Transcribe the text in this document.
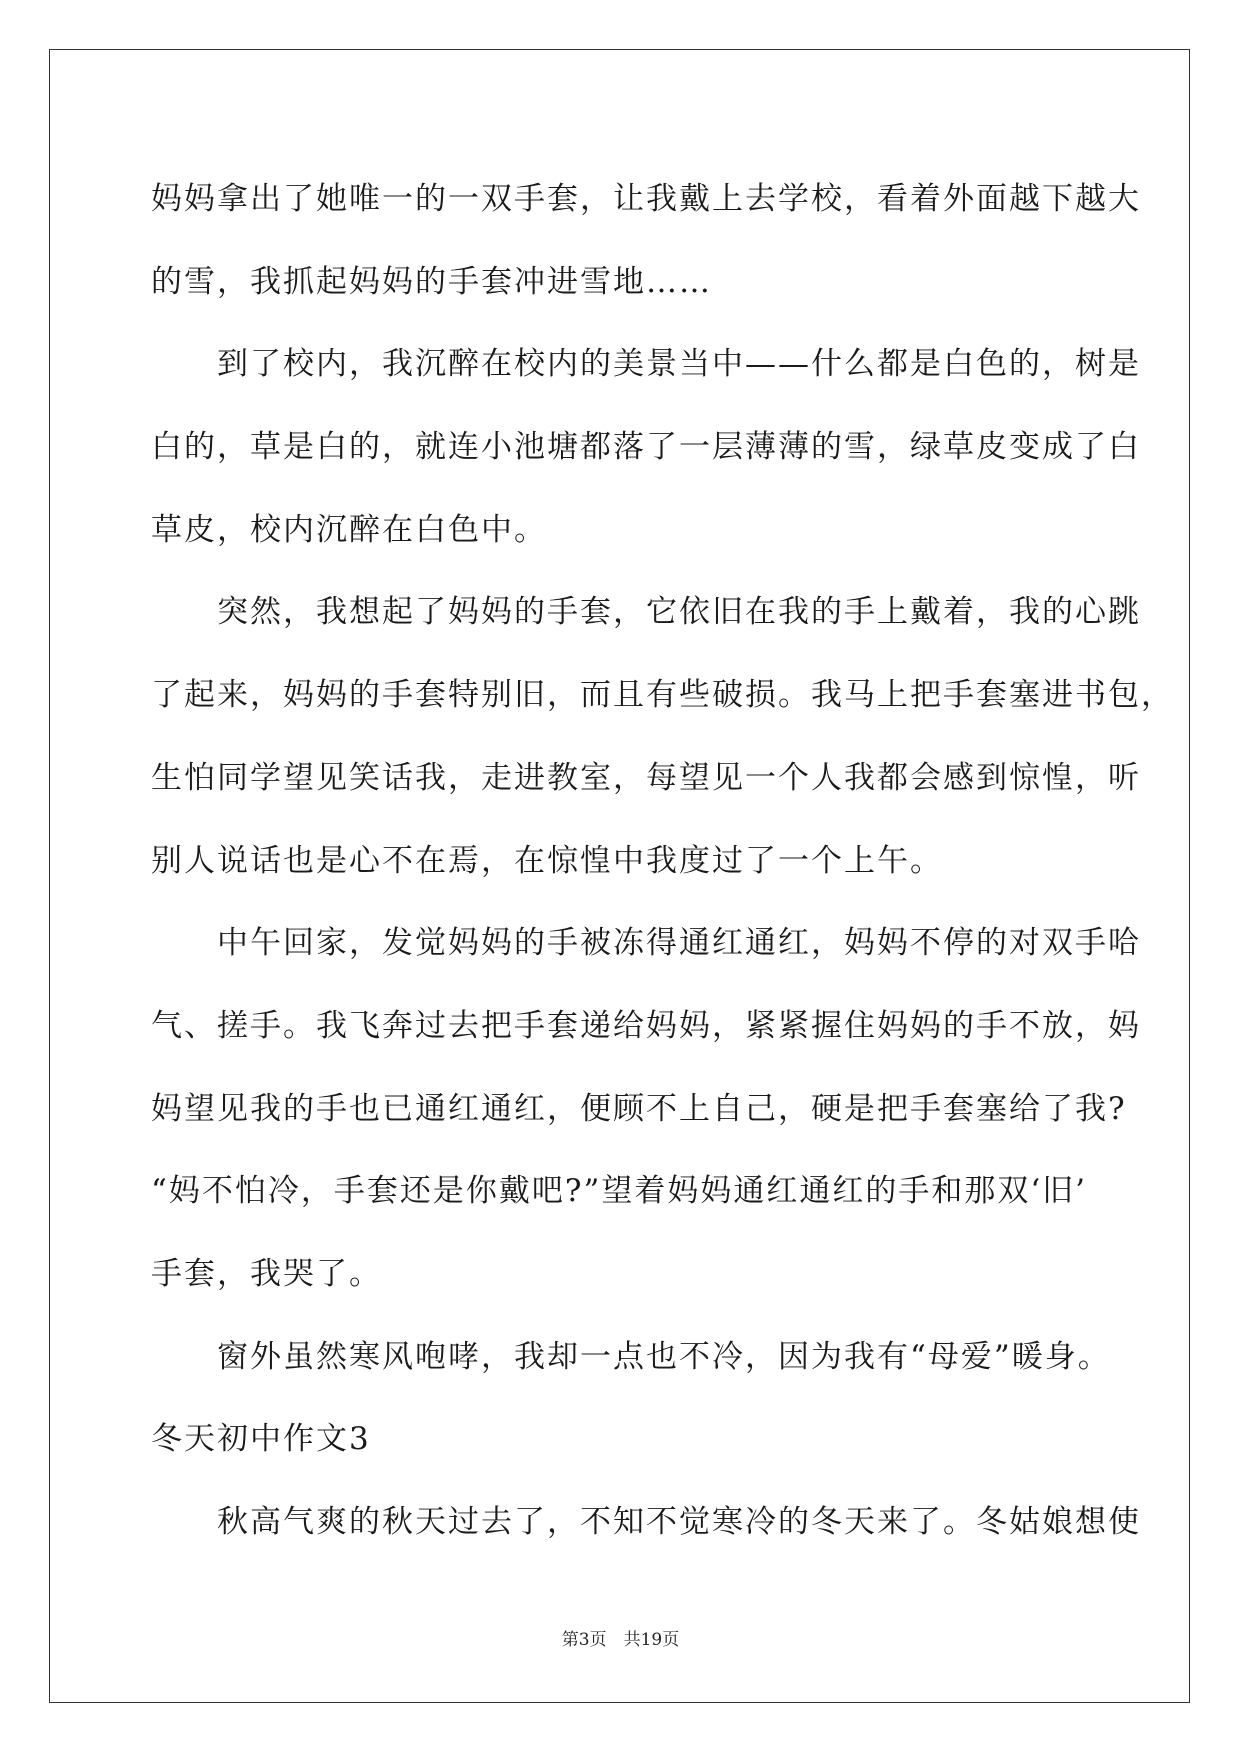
妈妈拿出了她唯一的一双手套，让我戴上去学校，看着外面越下越大
的雪，我抓起妈妈的手套冲进雪地……
　　到了校内，我沉醉在校内的美景当中——什么都是白色的，树是
白的，草是白的，就连小池塘都落了一层薄薄的雪，绿草皮变成了白
草皮，校内沉醉在白色中。
　　突然，我想起了妈妈的手套，它依旧在我的手上戴着，我的心跳
了起来，妈妈的手套特别旧，而且有些破损。我马上把手套塞进书包，
生怕同学望见笑话我，走进教室，每望见一个人我都会感到惊惶，听
别人说话也是心不在焉，在惊惶中我度过了一个上午。
　　中午回家，发觉妈妈的手被冻得通红通红，妈妈不停的对双手哈
气、搓手。我飞奔过去把手套递给妈妈，紧紧握住妈妈的手不放，妈
妈望见我的手也已通红通红，便顾不上自己，硬是把手套塞给了我?
“妈不怕冷，手套还是你戴吧?”望着妈妈通红通红的手和那双‘旧’
手套，我哭了。
　　窗外虽然寒风咆哮，我却一点也不冷，因为我有“母爱”暖身。
冬天初中作文3
　　秋高气爽的秋天过去了，不知不觉寒冷的冬天来了。冬姑娘想使
第3页　共19页
